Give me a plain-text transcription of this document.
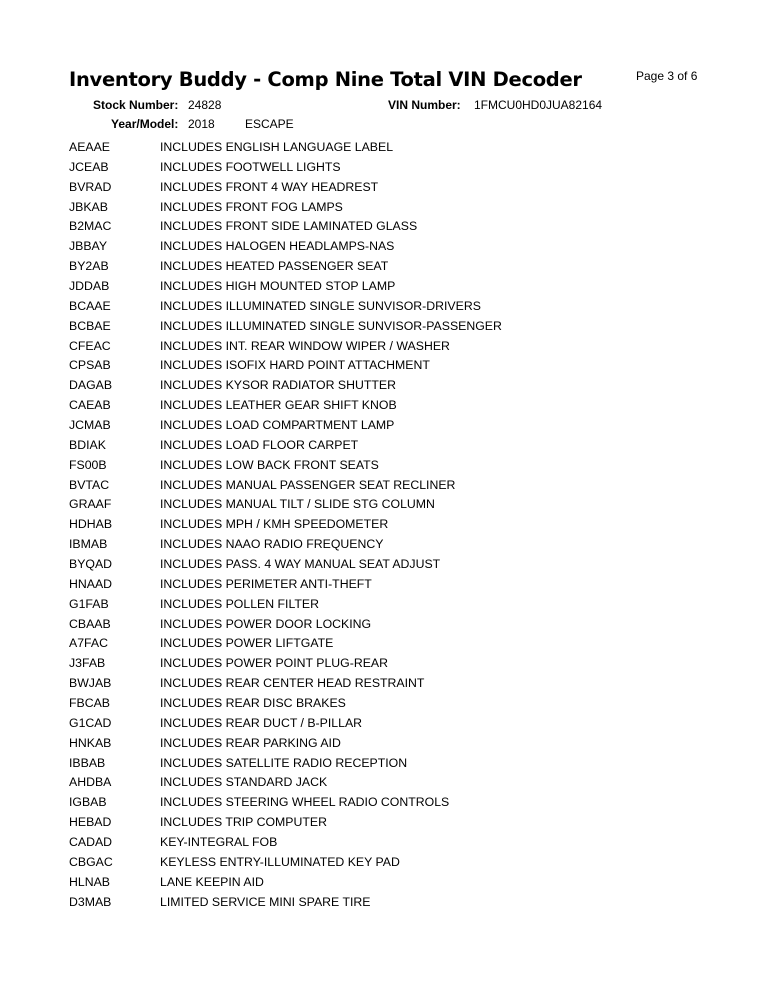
Inventory Buddy - Comp Nine Total VIN Decoder	Page 3 of 6
Stock Number: 24828	VIN Number: 1FMCU0HD0JUA82164
Year/Model: 2018	ESCAPE
AEAAE	INCLUDES ENGLISH LANGUAGE LABEL
JCEAB	INCLUDES FOOTWELL LIGHTS
BVRAD	INCLUDES FRONT 4 WAY HEADREST
JBKAB	INCLUDES FRONT FOG LAMPS
B2MAC	INCLUDES FRONT SIDE LAMINATED GLASS
JBBAY	INCLUDES HALOGEN HEADLAMPS-NAS
BY2AB	INCLUDES HEATED PASSENGER SEAT
JDDAB	INCLUDES HIGH MOUNTED STOP LAMP
BCAAE	INCLUDES ILLUMINATED SINGLE SUNVISOR-DRIVERS
BCBAE	INCLUDES ILLUMINATED SINGLE SUNVISOR-PASSENGER
CFEAC	INCLUDES INT. REAR WINDOW WIPER / WASHER
CPSAB	INCLUDES ISOFIX HARD POINT ATTACHMENT
DAGAB	INCLUDES KYSOR RADIATOR SHUTTER
CAEAB	INCLUDES LEATHER GEAR SHIFT KNOB
JCMAB	INCLUDES LOAD COMPARTMENT LAMP
BDIAK	INCLUDES LOAD FLOOR CARPET
FS00B	INCLUDES LOW BACK FRONT SEATS
BVTAC	INCLUDES MANUAL PASSENGER SEAT RECLINER
GRAAF	INCLUDES MANUAL TILT / SLIDE STG COLUMN
HDHAB	INCLUDES MPH / KMH SPEEDOMETER
IBMAB	INCLUDES NAAO RADIO FREQUENCY
BYQAD	INCLUDES PASS. 4 WAY MANUAL SEAT ADJUST
HNAAD	INCLUDES PERIMETER ANTI-THEFT
G1FAB	INCLUDES POLLEN FILTER
CBAAB	INCLUDES POWER DOOR LOCKING
A7FAC	INCLUDES POWER LIFTGATE
J3FAB	INCLUDES POWER POINT PLUG-REAR
BWJAB	INCLUDES REAR CENTER HEAD RESTRAINT
FBCAB	INCLUDES REAR DISC BRAKES
G1CAD	INCLUDES REAR DUCT / B-PILLAR
HNKAB	INCLUDES REAR PARKING AID
IBBAB	INCLUDES SATELLITE RADIO RECEPTION
AHDBA	INCLUDES STANDARD JACK
IGBAB	INCLUDES STEERING WHEEL RADIO CONTROLS
HEBAD	INCLUDES TRIP COMPUTER
CADAD	KEY-INTEGRAL FOB
CBGAC	KEYLESS ENTRY-ILLUMINATED KEY PAD
HLNAB	LANE KEEPIN AID
D3MAB	LIMITED SERVICE MINI SPARE TIRE
